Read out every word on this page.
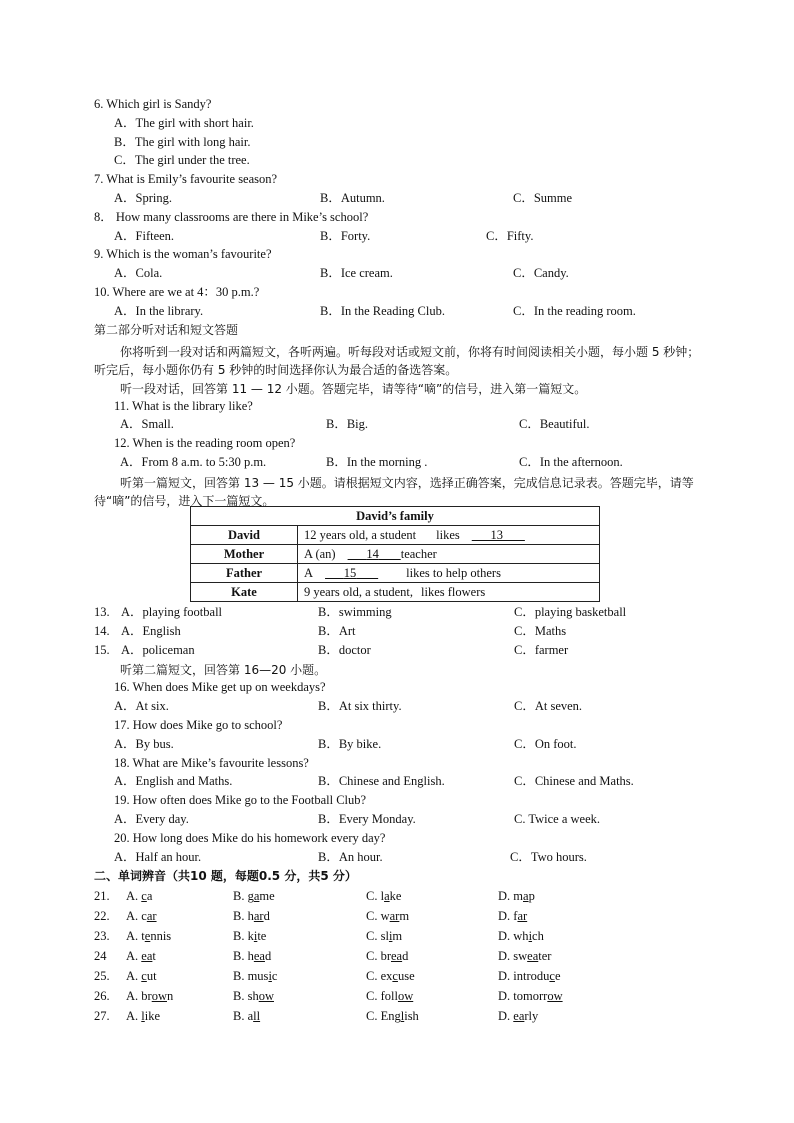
6. Which girl is Sandy?
A．The girl with short hair.
B．The girl with long hair.
C．The girl under the tree.
7. What is Emily’s favourite season?
A．Spring.	B．Autumn.	C．Summe
8． How many classrooms are there in Mike’s school?
A．Fifteen.	B．Forty.	C．Fifty.
9. Which is the woman’s favourite?
A．Cola.	B．Ice cream.	C．Candy.
10. Where are we at 4：30 p.m.?
A．In the library.	B．In the Reading Club.	C．In the reading room.
第二部分听对话和短文答题
你将听到一段对话和两篇短文，各听两遍。听每段对话或短文前，你将有时间阅读相关小题，每小题 5 秒钟；听完后，每小题你仍有 5 秒钟的时间选择你认为最合适的备选答案。
听一段对话，回答第 11 — 12 小题。答题完毕，请等待“嘀”的信号，进入第一篇短文。
11. What is the library like?
A．Small.	B．Big.	C．Beautiful.
12. When is the reading room open?
A．From 8 a.m. to 5:30 p.m.	B．In the morning .	C．In the afternoon.
听第一篇短文，回答第 13 — 15 小题。请根据短文内容，选择正确答案，完成信息记录表。答题完毕，请等待“嘀”的信号，进入下一篇短文。
David’s family	
David	12 years old, a student likes 13
Mother	A (an) 14 teacher
Father	A 15 likes to help others
Kate	9 years old, a student, likes flowers
13. A．playing football	B．swimming	C．playing basketball
14. A．English	B．Art	C．Maths
15. A．policeman	B．doctor	C．farmer
听第二篇短文，回答第 16—20 小题。
16. When does Mike get up on weekdays?
A．At six.	B．At six thirty.	C．At seven.
17. How does Mike go to school?
A．By bus.	B．By bike.	C．On foot.
18. What are Mike’s favourite lessons?
A．English and Maths.	B．Chinese and English.	C．Chinese and Maths.
19. How often does Mike go to the Football Club?
A．Every day.	B．Every Monday.	C. Twice a week.
20. How long does Mike do his homework every day?
A．Half an hour.	B．An hour.	C．Two hours.
二、单词辨音（共10 题，每题0.5 分，共5 分）
21. A. ca	B. game	C. lake	D. map
22. A. car	B. hard	C. warm	D. far
23. A. tennis	B. kite	C. slim	D. which
24 A. eat	B. head	C. bread	D. sweater
25. A. cut	B. music	C. excuse	D. introduce
26. A. brown	B. show	C. follow	D. tomorrow
27. A. like	B. all	C. English	D. early
